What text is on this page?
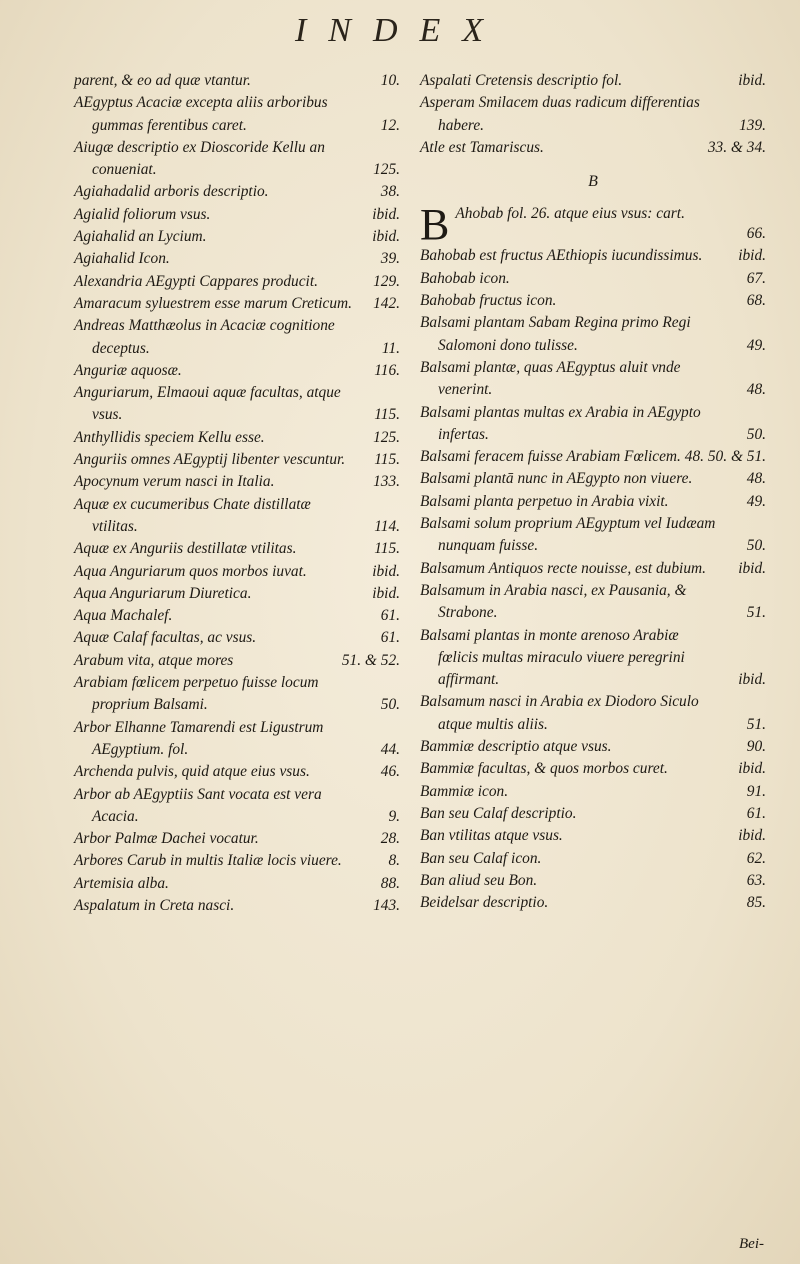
INDEX
parent, & eo ad quæ vtantur.	10.
AEgyptus Acaciæ excepta aliis arboribus gummas ferentibus caret.	12.
Aiugæ descriptio ex Dioscoride Kellu an conueniat.	125.
Agiahadalid arboris descriptio.	38.
Agialid foliorum vsus.	ibid.
Agiahalid an Lycium.	ibid.
Agiahalid Icon.	39.
Alexandria AEgypti Cappares producit.	129.
Amaracum syluestrem esse marum Creticum.	142.
Andreas Matthæolus in Acaciæ cognitione deceptus.	11.
Anguriæ aquosæ.	116.
Anguriarum, Elmaoui aquæ facultas, atque vsus.	115.
Anthyllidis speciem Kellu esse.	125.
Anguriis omnes AEgyptij libenter vescuntur.	115.
Apocynum verum nasci in Italia.	133.
Aquæ ex cucumeribus Chate distillatæ vtilitas.	114.
Aquæ ex Anguriis destillatæ vtilitas.	115.
Aqua Anguriarum quos morbos iuvat.	ibid.
Aqua Anguriarum Diuretica.	ibid.
Aqua Machalef.	61.
Aquæ Calaf facultas, ac vsus.	61.
Arabum vita, atque mores	51. & 52.
Arabiam fœlicem perpetuo fuisse locum proprium Balsami.	50.
Arbor Elhanne Tamarendi est Ligustrum AEgyptium. fol.	44.
Archenda pulvis, quid atque eius vsus.	46.
Arbor ab AEgyptiis Sant vocata est vera Acacia.	9.
Arbor Palmæ Dachei vocatur.	28.
Arbores Carub in multis Italiæ locis viuere.	8.
Artemisia alba.	88.
Aspalatum in Creta nasci.	143.
Aspalati Cretensis descriptio fol.	ibid.
Asperam Smilacem duas radicum differentias habere.	139.
Atle est Tamariscus.	33. & 34.
B
B Ahobab fol. 26. atque eius vsus: cart.
66.
Bahobab est fructus AEthiopis iucundissimus.	ibid.
Bahobab icon.	67.
Bahobab fructus icon.	68.
Balsami plantam Sabam Regina primo Regi Salomoni dono tulisse.	49.
Balsami plantæ, quas AEgyptus aluit vnde venerint.	48.
Balsami plantas multas ex Arabia in AEgypto infertas.	50.
Balsami feracem fuisse Arabiam Fœlicem. 48. 50. & 51.
Balsami plantā nunc in AEgypto non viuere.	48.
Balsami planta perpetuo in Arabia vixit.	49.
Balsami solum proprium AEgyptum vel Iudæam nunquam fuisse.	50.
Balsamum Antiquos recte nouisse, est dubium.	ibid.
Balsamum in Arabia nasci, ex Pausania, & Strabone.	51.
Balsami plantas in monte arenoso Arabiæ fœlicis multas miraculo viuere peregrini affirmant.	ibid.
Balsamum nasci in Arabia ex Diodoro Siculo atque multis aliis.	51.
Bammiæ descriptio atque vsus.	90.
Bammiæ facultas, & quos morbos curet.	ibid.
Bammiæ icon.	91.
Ban seu Calaf descriptio.	61.
Ban vtilitas atque vsus.	ibid.
Ban seu Calaf icon.	62.
Ban aliud seu Bon.	63.
Beidelsar descriptio.	85.
Bei-
